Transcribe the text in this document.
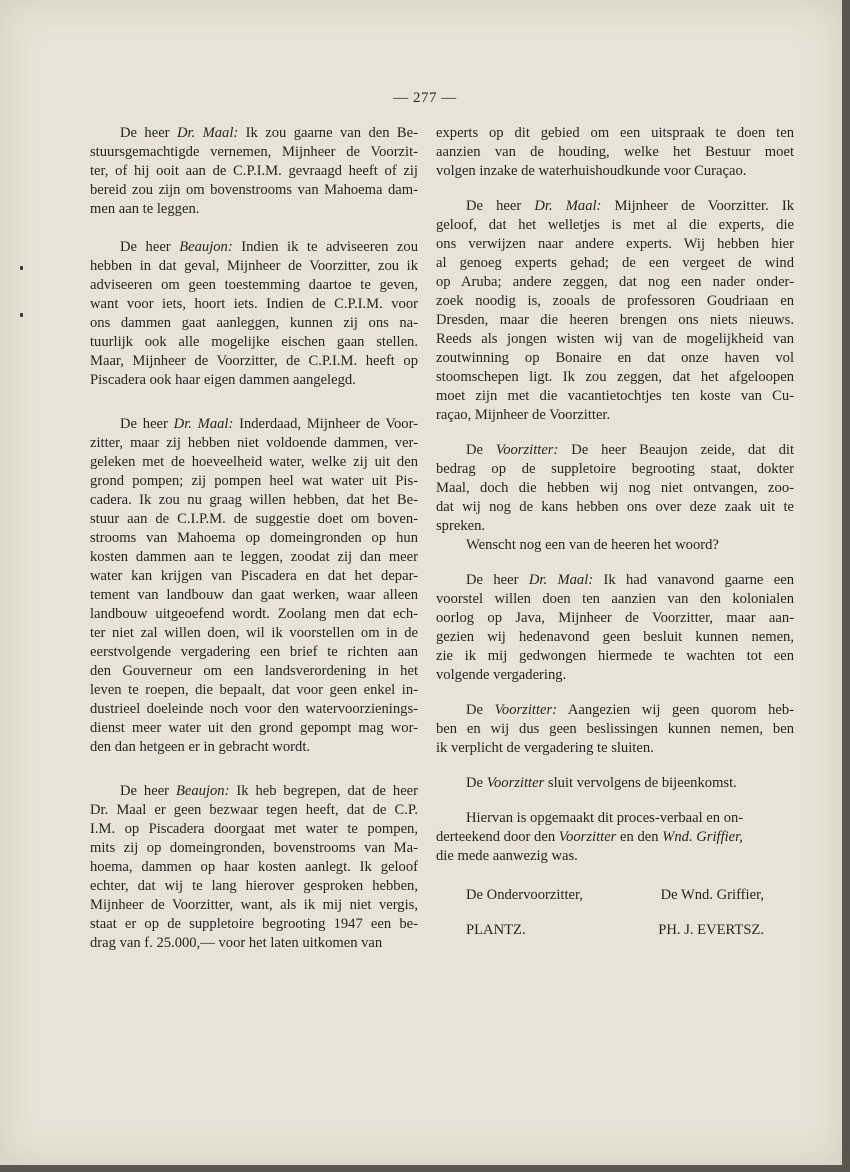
— 277 —
De heer Dr. Maal: Ik zou gaarne van den Be-
stuursgemachtigde vernemen, Mijnheer de Voorzit-
ter, of hij ooit aan de C.P.I.M. gevraagd heeft of zij
bereid zou zijn om bovenstrooms van Mahoema dam-
men aan te leggen.
De heer Beaujon: Indien ik te adviseeren zou
hebben in dat geval, Mijnheer de Voorzitter, zou ik
adviseeren om geen toestemming daartoe te geven,
want voor iets, hoort iets. Indien de C.P.I.M. voor
ons dammen gaat aanleggen, kunnen zij ons na-
tuurlijk ook alle mogelijke eischen gaan stellen.
Maar, Mijnheer de Voorzitter, de C.P.I.M. heeft op
Piscadera ook haar eigen dammen aangelegd.
De heer Dr. Maal: Inderdaad, Mijnheer de Voor-
zitter, maar zij hebben niet voldoende dammen, ver-
geleken met de hoeveelheid water, welke zij uit den
grond pompen; zij pompen heel wat water uit Pis-
cadera. Ik zou nu graag willen hebben, dat het Be-
stuur aan de C.I.P.M. de suggestie doet om boven-
strooms van Mahoema op domeingronden op hun
kosten dammen aan te leggen, zoodat zij dan meer
water kan krijgen van Piscadera en dat het depar-
tement van landbouw dan gaat werken, waar alleen
landbouw uitgeoefend wordt. Zoolang men dat ech-
ter niet zal willen doen, wil ik voorstellen om in de
eerstvolgende vergadering een brief te richten aan
den Gouverneur om een landsverordening in het
leven te roepen, die bepaalt, dat voor geen enkel in-
dustrieel doeleinde noch voor den watervoorzienings-
dienst meer water uit den grond gepompt mag wor-
den dan hetgeen er in gebracht wordt.
De heer Beaujon: Ik heb begrepen, dat de heer
Dr. Maal er geen bezwaar tegen heeft, dat de C.P.
I.M. op Piscadera doorgaat met water te pompen,
mits zij op domeingronden, bovenstrooms van Ma-
hoema, dammen op haar kosten aanlegt. Ik geloof
echter, dat wij te lang hierover gesproken hebben,
Mijnheer de Voorzitter, want, als ik mij niet vergis,
staat er op de suppletoire begrooting 1947 een be-
drag van f. 25.000,— voor het laten uitkomen van
experts op dit gebied om een uitspraak te doen ten
aanzien van de houding, welke het Bestuur moet
volgen inzake de waterhuishoudkunde voor Curaçao.
De heer Dr. Maal: Mijnheer de Voorzitter. Ik
geloof, dat het welletjes is met al die experts, die
ons verwijzen naar andere experts. Wij hebben hier
al genoeg experts gehad; de een vergeet de wind
op Aruba; andere zeggen, dat nog een nader onder-
zoek noodig is, zooals de professoren Goudriaan en
Dresden, maar die heeren brengen ons niets nieuws.
Reeds als jongen wisten wij van de mogelijkheid van
zoutwinning op Bonaire en dat onze haven vol
stoomschepen ligt. Ik zou zeggen, dat het afgeloopen
moet zijn met die vacantietochtjes ten koste van Cu-
raçao, Mijnheer de Voorzitter.
De Voorzitter: De heer Beaujon zeide, dat dit
bedrag op de suppletoire begrooting staat, dokter
Maal, doch die hebben wij nog niet ontvangen, zoo-
dat wij nog de kans hebben ons over deze zaak uit te
spreken.
Wenscht nog een van de heeren het woord?
De heer Dr. Maal: Ik had vanavond gaarne een
voorstel willen doen ten aanzien van den kolonialen
oorlog op Java, Mijnheer de Voorzitter, maar aan-
gezien wij hedenavond geen besluit kunnen nemen,
zie ik mij gedwongen hiermede te wachten tot een
volgende vergadering.
De Voorzitter: Aangezien wij geen quorom heb-
ben en wij dus geen beslissingen kunnen nemen, ben
ik verplicht de vergadering te sluiten.
De Voorzitter sluit vervolgens de bijeenkomst.
Hiervan is opgemaakt dit proces-verbaal en on-
derteekend door den Voorzitter en den Wnd. Griffier,
die mede aanwezig was.
De Ondervoorzitter,	De Wnd. Griffier,
PLANTZ.	PH. J. EVERTSZ.
